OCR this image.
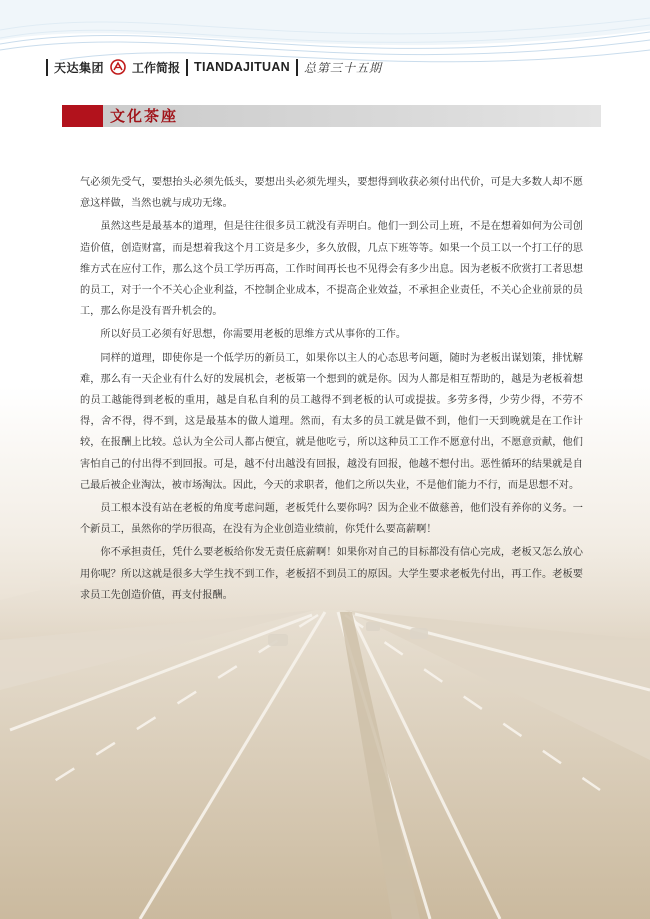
天达集团 工作简报 TIANDAJITUAN 总第三十五期
文化茶座

气必须先受气，要想抬头必须先低头，要想出头必须先埋头，要想得到收获必须付出代价，可是大多数人却不愿意这样做，当然也就与成功无缘。

虽然这些是最基本的道理，但是往往很多员工就没有弄明白。他们一到公司上班，不是在想着如何为公司创造价值，创造财富，而是想着我这个月工资是多少，多久放假，几点下班等等。如果一个员工以一个打工仔的思维方式在应付工作，那么这个员工学历再高，工作时间再长也不见得会有多少出息。因为老板不欣赏打工者思想的员工，对于一个不关心企业利益，不控制企业成本，不提高企业效益，不承担企业责任，不关心企业前景的员工，那么你是没有晋升机会的。

所以好员工必须有好思想，你需要用老板的思维方式从事你的工作。

同样的道理，即使你是一个低学历的新员工，如果你以主人的心态思考问题，随时为老板出谋划策，排忧解难，那么有一天企业有什么好的发展机会，老板第一个想到的就是你。因为人都是相互帮助的，越是为老板着想的员工越能得到老板的重用，越是自私自利的员工越得不到老板的认可或提拔。多劳多得，少劳少得，不劳不得，舍不得，得不到，这是最基本的做人道理。然而，有太多的员工就是做不到，他们一天到晚就是在工作计较，在报酬上比较。总认为全公司人都占便宜，就是他吃亏，所以这种员工工作不愿意付出，不愿意贡献，他们害怕自己的付出得不到回报。可是，越不付出越没有回报，越没有回报，他越不想付出。恶性循环的结果就是自己最后被企业淘汰，被市场淘汰。因此，今天的求职者，他们之所以失业，不是他们能力不行，而是思想不对。

员工根本没有站在老板的角度考虑问题，老板凭什么要你吗？因为企业不做慈善，他们没有养你的义务。一个新员工，虽然你的学历很高，在没有为企业创造业绩前，你凭什么要高薪啊！

你不承担责任，凭什么要老板给你发无责任底薪啊！如果你对自己的目标都没有信心完成，老板又怎么放心用你呢？所以这就是很多大学生找不到工作，老板招不到员工的原因。大学生要求老板先付出，再工作。老板要求员工先创造价值，再支付报酬。
